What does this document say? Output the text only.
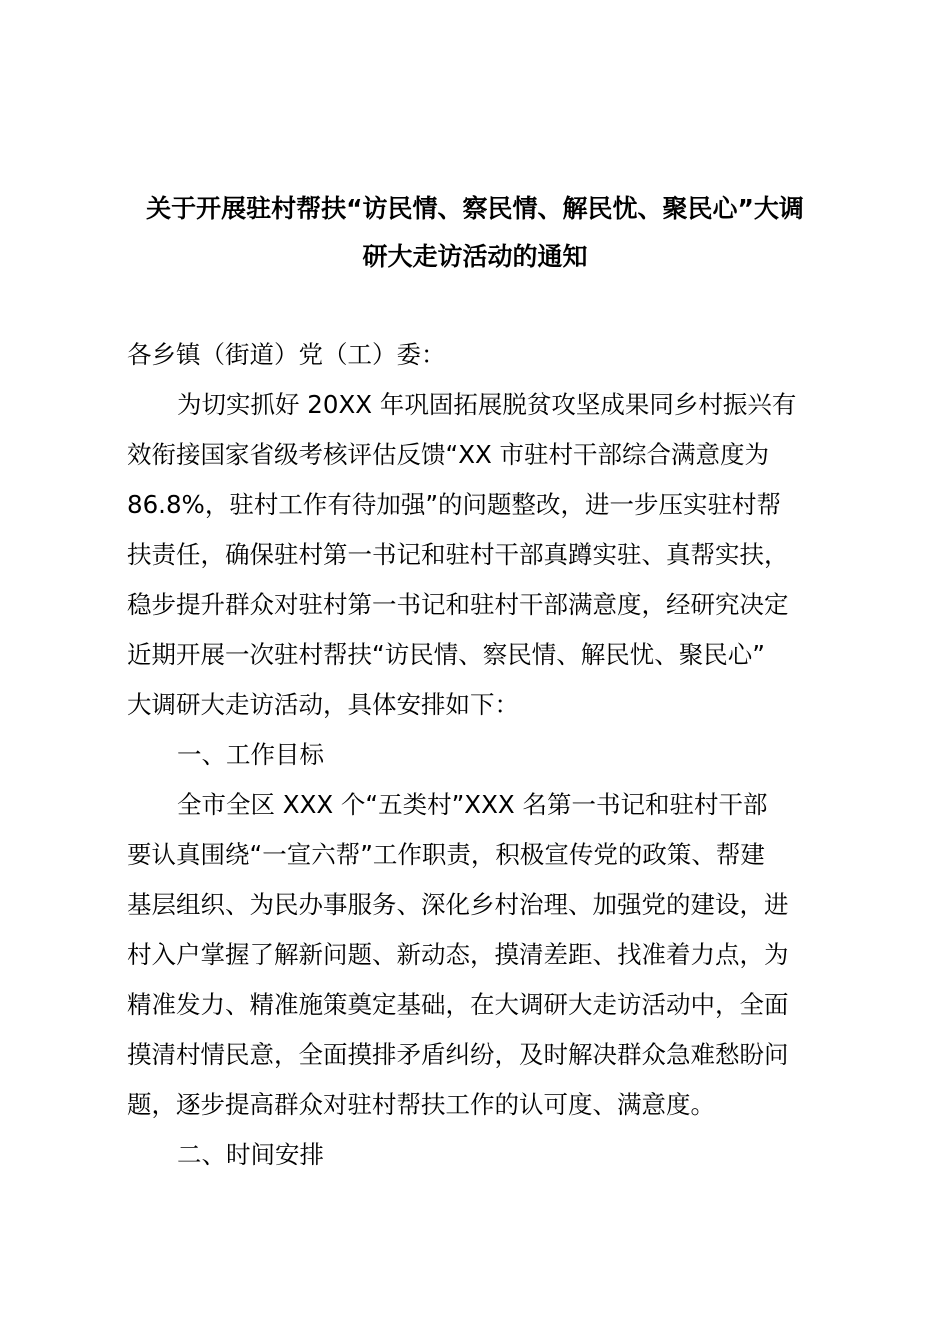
关于开展驻村帮扶“访民情、察民情、解民忧、聚民心”大调
研大走访活动的通知
各乡镇（街道）党（工）委：
为切实抓好 20XX 年巩固拓展脱贫攻坚成果同乡村振兴有
效衔接国家省级考核评估反馈“XX 市驻村干部综合满意度为
86.8%，驻村工作有待加强”的问题整改，进一步压实驻村帮
扶责任，确保驻村第一书记和驻村干部真蹲实驻、真帮实扶，
稳步提升群众对驻村第一书记和驻村干部满意度，经研究决定
近期开展一次驻村帮扶“访民情、察民情、解民忧、聚民心”
大调研大走访活动，具体安排如下：
一、工作目标
全市全区 XXX 个“五类村”XXX 名第一书记和驻村干部
要认真围绕“一宣六帮”工作职责，积极宣传党的政策、帮建
基层组织、为民办事服务、深化乡村治理、加强党的建设，进
村入户掌握了解新问题、新动态，摸清差距、找准着力点，为
精准发力、精准施策奠定基础，在大调研大走访活动中，全面
摸清村情民意，全面摸排矛盾纠纷，及时解决群众急难愁盼问
题，逐步提高群众对驻村帮扶工作的认可度、满意度。
二、时间安排
